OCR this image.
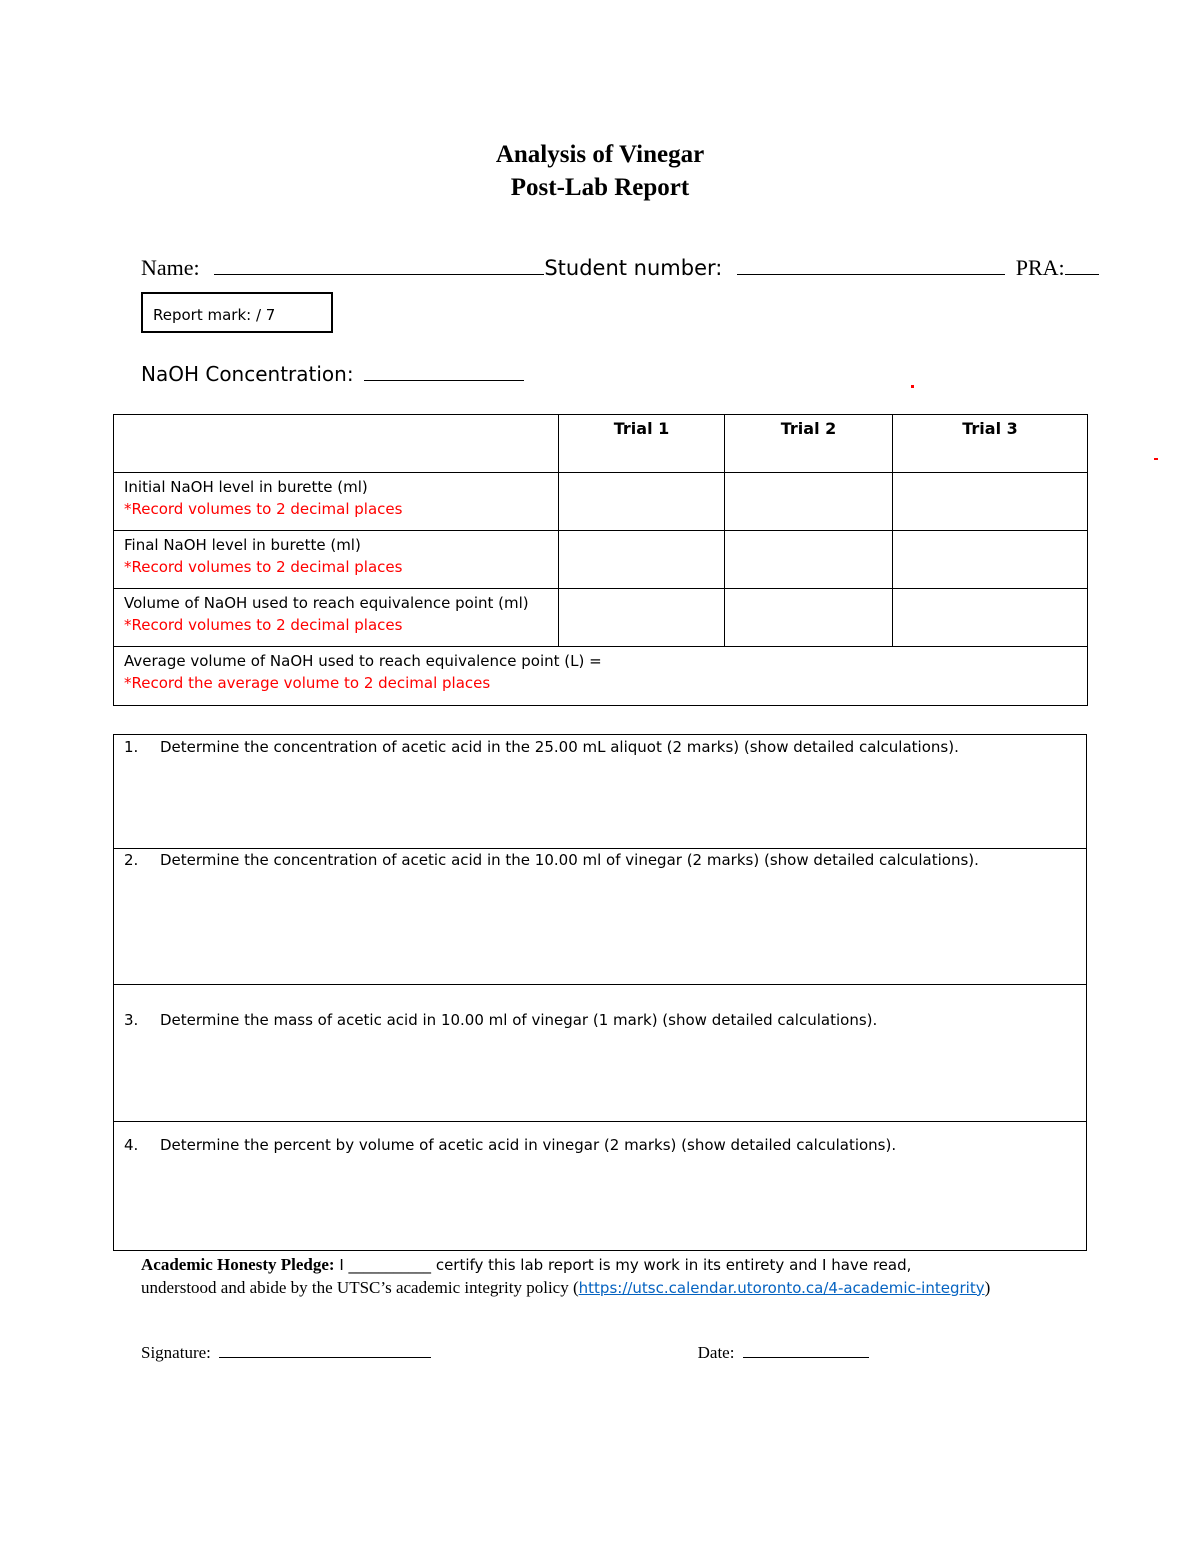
Analysis of Vinegar
Post-Lab Report
Name:	Student number:	PRA:
Report mark: / 7
NaOH Concentration:
	Trial 1	Trial 2	Trial 3

Initial NaOH level in burette (ml)
*Record volumes to 2 decimal places			

Final NaOH level in burette (ml)
*Record volumes to 2 decimal places			

Volume of NaOH used to reach equivalence point (ml) *Record volumes to 2 decimal places			

Average volume of NaOH used to reach equivalence point (L) =
*Record the average volume to 2 decimal places			
1.	Determine the concentration of acetic acid in the 25.00 mL aliquot (2 marks) (show detailed calculations).

2.	Determine the concentration of acetic acid in the 10.00 ml of vinegar (2 marks) (show detailed calculations).

3.	Determine the mass of acetic acid in 10.00 ml of vinegar (1 mark) (show detailed calculations).

4.	Determine the percent by volume of acetic acid in vinegar (2 marks) (show detailed calculations).
Academic Honesty Pledge: I ___________ certify this lab report is my work in its entirety and I have read,
understood and abide by the UTSC’s academic integrity policy (https://utsc.calendar.utoronto.ca/4-academic-integrity)
Signature:	Date:
